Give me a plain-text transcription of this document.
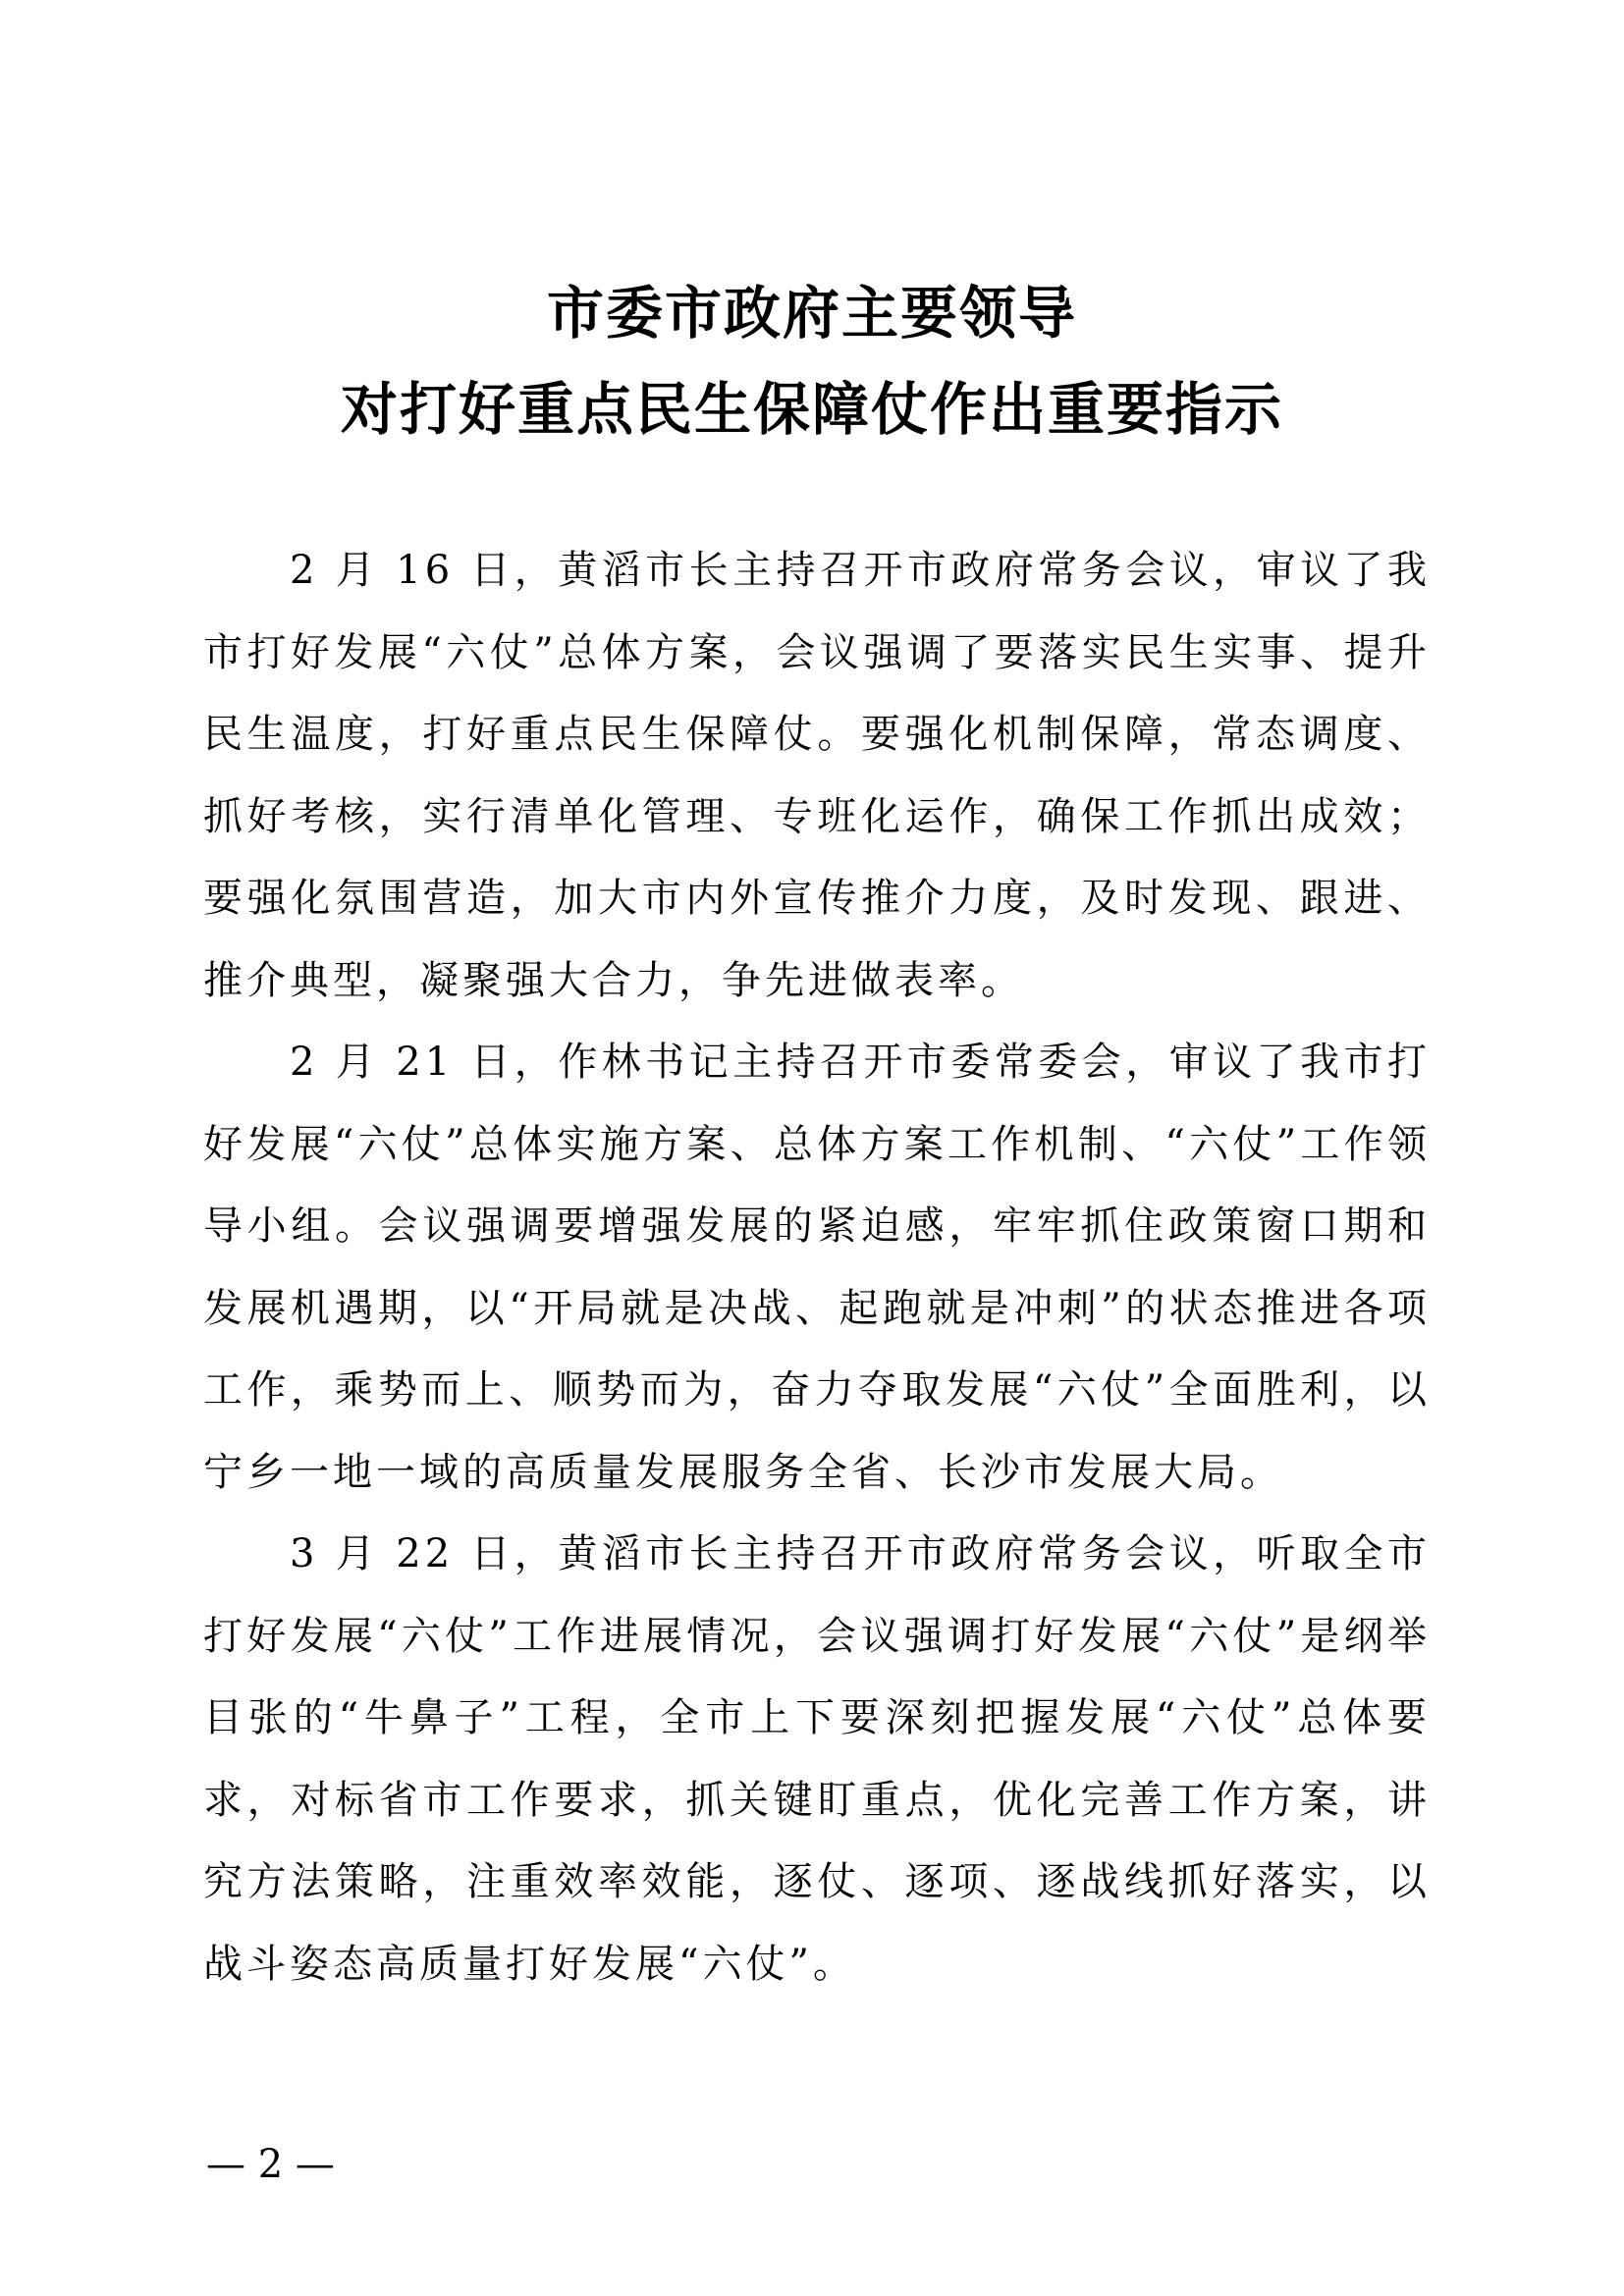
市委市政府主要领导
对打好重点民生保障仗作出重要指示

2 月 16 日，黄滔市长主持召开市政府常务会议，审议了我市打好发展“六仗”总体方案，会议强调了要落实民生实事、提升民生温度，打好重点民生保障仗。要强化机制保障，常态调度、抓好考核，实行清单化管理、专班化运作，确保工作抓出成效；要强化氛围营造，加大市内外宣传推介力度，及时发现、跟进、推介典型，凝聚强大合力，争先进做表率。

2 月 21 日，作林书记主持召开市委常委会，审议了我市打好发展“六仗”总体实施方案、总体方案工作机制、“六仗”工作领导小组。会议强调要增强发展的紧迫感，牢牢抓住政策窗口期和发展机遇期，以“开局就是决战、起跑就是冲刺”的状态推进各项工作，乘势而上、顺势而为，奋力夺取发展“六仗”全面胜利，以宁乡一地一域的高质量发展服务全省、长沙市发展大局。

3 月 22 日，黄滔市长主持召开市政府常务会议，听取全市打好发展“六仗”工作进展情况，会议强调打好发展“六仗”是纲举目张的“牛鼻子”工程，全市上下要深刻把握发展“六仗”总体要求，对标省市工作要求，抓关键盯重点，优化完善工作方案，讲究方法策略，注重效率效能，逐仗、逐项、逐战线抓好落实，以战斗姿态高质量打好发展“六仗”。

— 2 —
